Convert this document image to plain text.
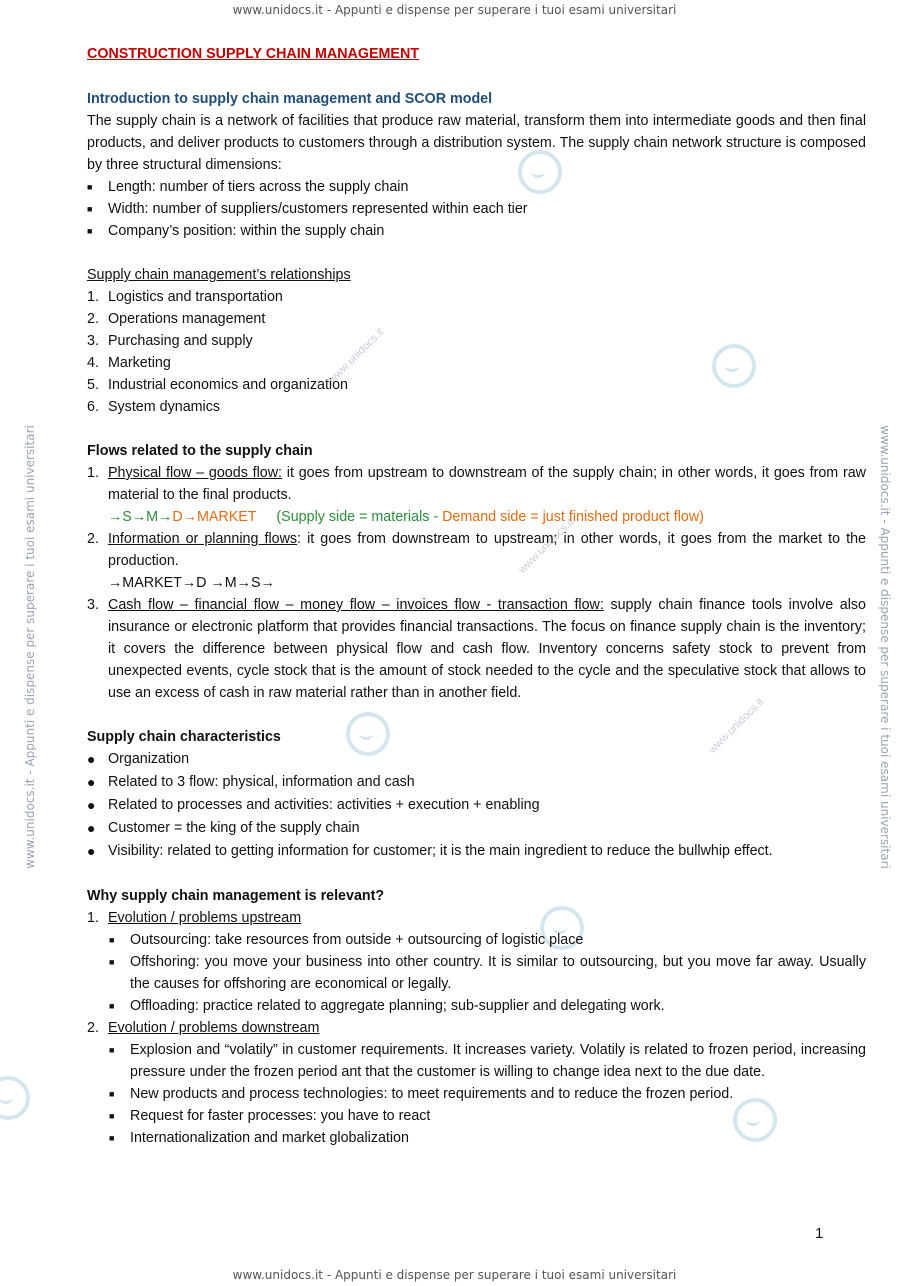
www.unidocs.it - Appunti e dispense per superare i tuoi esami universitari
www.unidocs.it - Appunti e dispense per superare i tuoi esami universitari
www.unidocs.it - Appunti e dispense per superare i tuoi esami universitari	www.unidocs.it - Appunti e dispense per superare i tuoi esami universitari
www.unidocs.it
www.unidocs.it
www.unidocs.it
CONSTRUCTION SUPPLY CHAIN MANAGEMENT
Introduction to supply chain management and SCOR model

The supply chain is a network of facilities that produce raw material, transform them into intermediate goods and then final products, and deliver products to customers through a distribution system. The supply chain network structure is composed by three structural dimensions:

■ Length: number of tiers across the supply chain
■ Width: number of suppliers/customers represented within each tier
■ Company’s position: within the supply chain
Supply chain management’s relationships
1. Logistics and transportation
2. Operations management
3. Purchasing and supply
4. Marketing
5. Industrial economics and organization
6. System dynamics
Flows related to the supply chain
1. Physical flow – goods flow: it goes from upstream to downstream of the supply chain; in other words, it goes from raw material to the final products.
→S→M→D→MARKET (Supply side = materials - Demand side = just finished product flow)
2. Information or planning flows: it goes from downstream to upstream; in other words, it goes from the market to the production.
→MARKET→D →M→S→
3. Cash flow – financial flow – money flow – invoices flow - transaction flow: supply chain finance tools involve also insurance or electronic platform that provides financial transactions. The focus on finance supply chain is the inventory; it covers the difference between physical flow and cash flow. Inventory concerns safety stock to prevent from unexpected events, cycle stock that is the amount of stock needed to the cycle and the speculative stock that allows to use an excess of cash in raw material rather than in another field.
Supply chain characteristics
● Organization
● Related to 3 flow: physical, information and cash
● Related to processes and activities: activities + execution + enabling
● Customer = the king of the supply chain
● Visibility: related to getting information for customer; it is the main ingredient to reduce the bullwhip effect.
Why supply chain management is relevant?
1. Evolution / problems upstream
■ Outsourcing: take resources from outside + outsourcing of logistic place
■ Offshoring: you move your business into other country. It is similar to outsourcing, but you move far away. Usually the causes for offshoring are economical or legally.
■ Offloading: practice related to aggregate planning; sub-supplier and delegating work.
2. Evolution / problems downstream
■ Explosion and “volatily” in customer requirements. It increases variety. Volatily is related to frozen period, increasing pressure under the frozen period ant that the customer is willing to change idea next to the due date.
■ New products and process technologies: to meet requirements and to reduce the frozen period.
■ Request for faster processes: you have to react
■ Internationalization and market globalization
1
